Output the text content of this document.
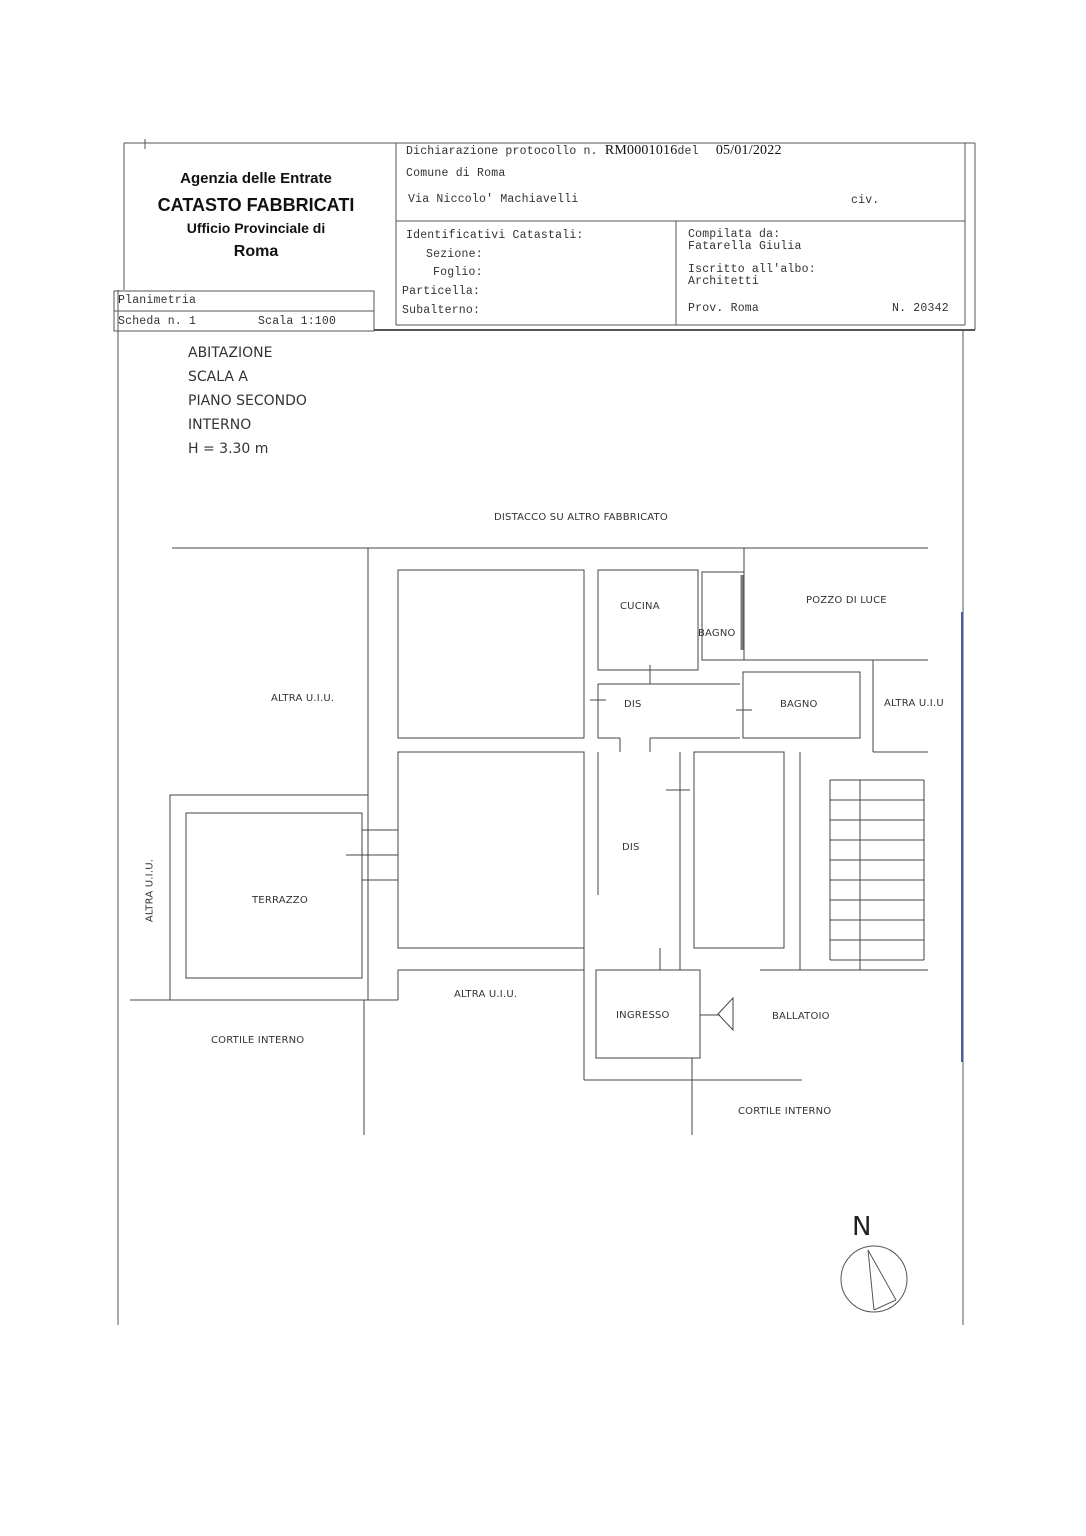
Agenzia delle Entrate
CATASTO FABBRICATI
Ufficio Provinciale di
Roma
Dichiarazione protocollo n. RM0001016del 05/01/2022
Comune di Roma
Via Niccolo' Machiavelli	civ.
Identificativi Catastali:
Sezione:
Foglio:
Particella:
Subalterno:
Compilata da:
Fatarella Giulia
Iscritto all'albo:
Architetti
Prov. Roma	N. 20342
Planimetria
Scheda n. 1	Scala 1:100
ABITAZIONE
SCALA A
PIANO SECONDO
INTERNO
H = 3.30 m
DISTACCO SU ALTRO FABBRICATO
CUCINA
BAGNO
POZZO DI LUCE
ALTRA U.I.U.
DIS	BAGNO	ALTRA U.I.U
DIS
ALTRA U.I.U.	TERRAZZO
ALTRA U.I.U.
INGRESSO	BALLATOIO
CORTILE INTERNO
CORTILE INTERNO
N
